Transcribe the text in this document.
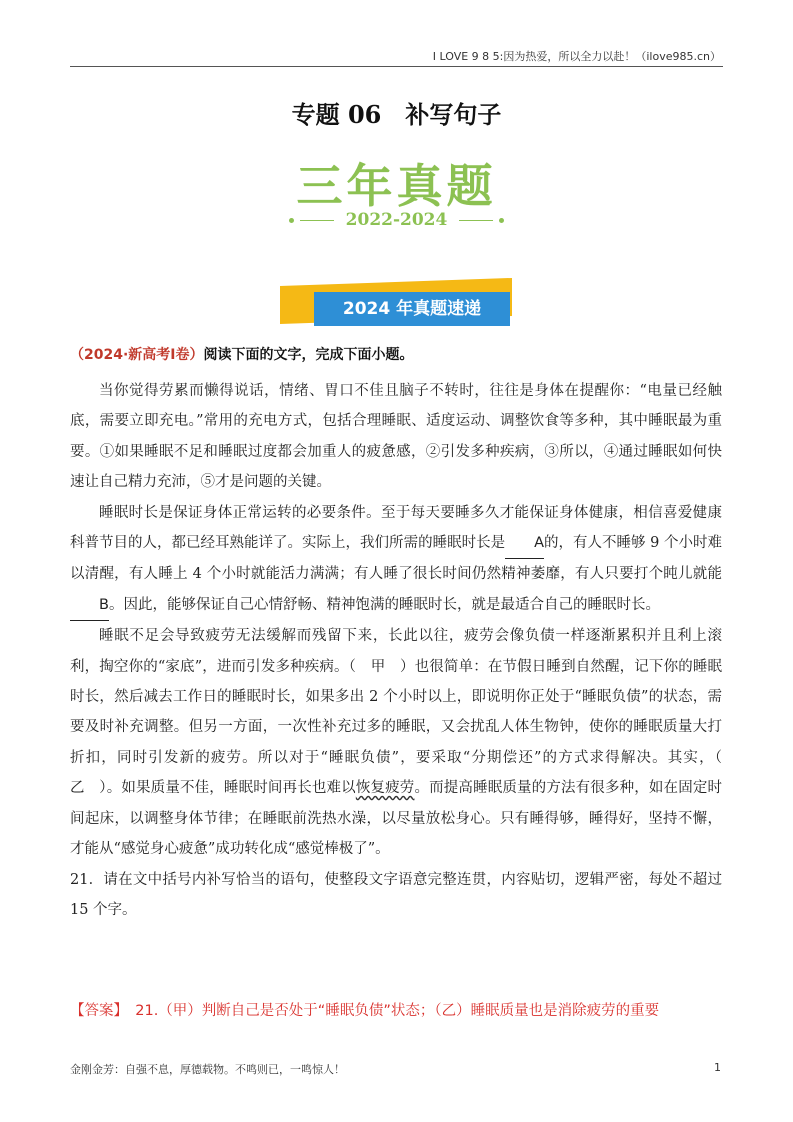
I LOVE 9 8 5:因为热爱，所以全力以赴！（ilove985.cn）
专题 06　补写句子
三年真题
2022-2024
2024 年真题速递
（2024·新高考Ⅰ卷）阅读下面的文字，完成下面小题。

当你觉得劳累而懒得说话，情绪、胃口不佳且脑子不转时，往往是身体在提醒你：“电量已经触底，需要立即充电。”常用的充电方式，包括合理睡眠、适度运动、调整饮食等多种，其中睡眠最为重要。①如果睡眠不足和睡眠过度都会加重人的疲惫感，②引发多种疾病，③所以，④通过睡眠如何快速让自己精力充沛，⑤才是问题的关键。

睡眠时长是保证身体正常运转的必要条件。至于每天要睡多久才能保证身体健康，相信喜爱健康科普节目的人，都已经耳熟能详了。实际上，我们所需的睡眠时长是 A的，有人不睡够 9 个小时难以清醒，有人睡上 4 个小时就能活力满满；有人睡了很长时间仍然精神萎靡，有人只要打个盹儿就能B。因此，能够保证自己心情舒畅、精神饱满的睡眠时长，就是最适合自己的睡眠时长。

睡眠不足会导致疲劳无法缓解而残留下来，长此以往，疲劳会像负债一样逐渐累积并且利上滚利，掏空你的“家底”，进而引发多种疾病。（　甲　）也很简单：在节假日睡到自然醒，记下你的睡眠时长，然后减去工作日的睡眠时长，如果多出 2 个小时以上，即说明你正处于“睡眠负债”的状态，需要及时补充调整。但另一方面，一次性补充过多的睡眠，又会扰乱人体生物钟，使你的睡眠质量大打折扣，同时引发新的疲劳。所以对于“睡眠负债”，要采取“分期偿还”的方式求得解决。其实，（　乙　）。如果质量不佳，睡眠时间再长也难以恢复疲劳。而提高睡眠质量的方法有很多种，如在固定时间起床，以调整身体节律；在睡眠前洗热水澡，以尽量放松身心。只有睡得够，睡得好，坚持不懈，才能从“感觉身心疲惫”成功转化成“感觉棒极了”。

21．请在文中括号内补写恰当的语句，使整段文字语意完整连贯，内容贴切，逻辑严密，每处不超过 15 个字。

【答案】　21.（甲）判断自己是否处于“睡眠负债”状态；（乙）睡眠质量也是消除疲劳的重要
金刚金芳：自强不息，厚德载物。不鸣则已，一鸣惊人！	1
